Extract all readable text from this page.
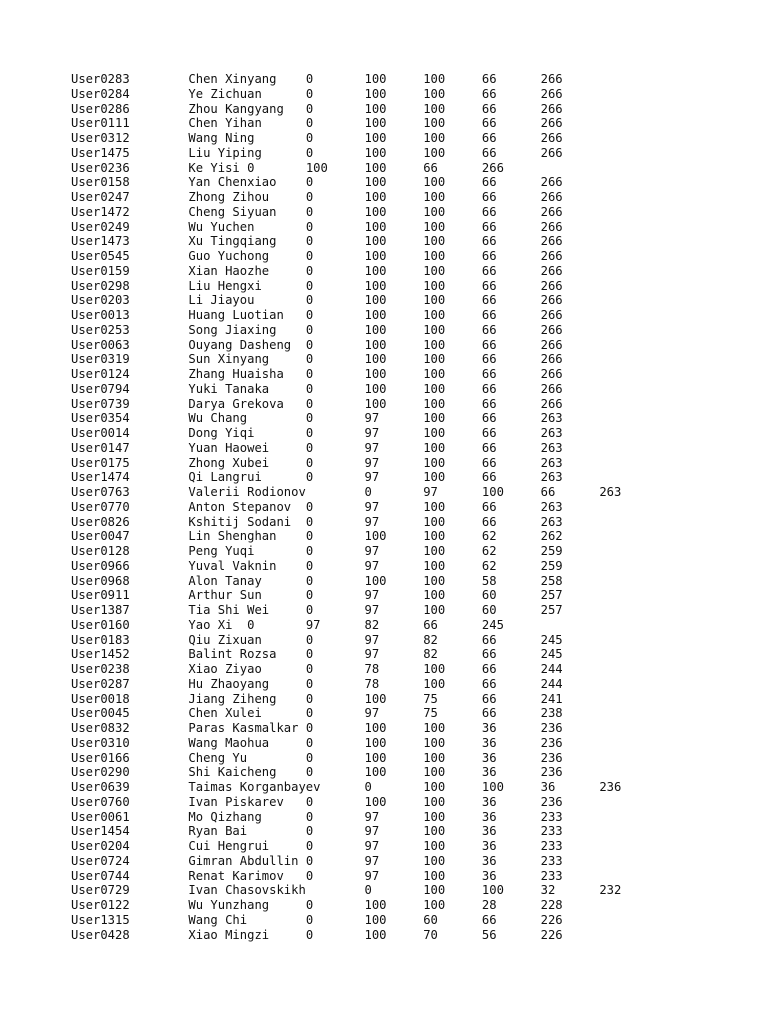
User0283	Chen Xinyang	0	100	100	66	266
User0284	Ye Zichuan	0	100	100	66	266
User0286	Zhou Kangyang	0	100	100	66	266
User0111	Chen Yihan	0	100	100	66	266
User0312	Wang Ning	0	100	100	66	266
User1475	Liu Yiping	0	100	100	66	266
User0236	Ke Yisi	0	100	100	66	266
User0158	Yan Chenxiao	0	100	100	66	266
User0247	Zhong Zihou	0	100	100	66	266
User1472	Cheng Siyuan	0	100	100	66	266
User0249	Wu Yuchen	0	100	100	66	266
User1473	Xu Tingqiang	0	100	100	66	266
User0545	Guo Yuchong	0	100	100	66	266
User0159	Xian Haozhe	0	100	100	66	266
User0298	Liu Hengxi	0	100	100	66	266
User0203	Li Jiayou	0	100	100	66	266
User0013	Huang Luotian	0	100	100	66	266
User0253	Song Jiaxing	0	100	100	66	266
User0063	Ouyang Dasheng	0	100	100	66	266
User0319	Sun Xinyang	0	100	100	66	266
User0124	Zhang Huaisha	0	100	100	66	266
User0794	Yuki Tanaka	0	100	100	66	266
User0739	Darya Grekova	0	100	100	66	266
User0354	Wu Chang	0	97	100	66	263
User0014	Dong Yiqi	0	97	100	66	263
User0147	Yuan Haowei	0	97	100	66	263
User0175	Zhong Xubei	0	97	100	66	263
User1474	Qi Langrui	0	97	100	66	263
User0763	Valerii Rodionov	0	97	100	66	263
User0770	Anton Stepanov	0	97	100	66	263
User0826	Kshitij Sodani	0	97	100	66	263
User0047	Lin Shenghan	0	100	100	62	262
User0128	Peng Yuqi	0	97	100	62	259
User0966	Yuval Vaknin	0	97	100	62	259
User0968	Alon Tanay	0	100	100	58	258
User0911	Arthur Sun	0	97	100	60	257
User1387	Tia Shi Wei	0	97	100	60	257
User0160	Yao Xi	0	97	82	66	245
User0183	Qiu Zixuan	0	97	82	66	245
User1452	Balint Rozsa	0	97	82	66	245
User0238	Xiao Ziyao	0	78	100	66	244
User0287	Hu Zhaoyang	0	78	100	66	244
User0018	Jiang Ziheng	0	100	75	66	241
User0045	Chen Xulei	0	97	75	66	238
User0832	Paras Kasmalkar	0	100	100	36	236
User0310	Wang Maohua	0	100	100	36	236
User0166	Cheng Yu	0	100	100	36	236
User0290	Shi Kaicheng	0	100	100	36	236
User0639	Taimas Korganbayev	0	100	100	36	236
User0760	Ivan Piskarev	0	100	100	36	236
User0061	Mo Qizhang	0	97	100	36	233
User1454	Ryan Bai	0	97	100	36	233
User0204	Cui Hengrui	0	97	100	36	233
User0724	Gimran Abdullin	0	97	100	36	233
User0744	Renat Karimov	0	97	100	36	233
User0729	Ivan Chasovskikh	0	100	100	32	232
User0122	Wu Yunzhang	0	100	100	28	228
User1315	Wang Chi	0	100	60	66	226
User0428	Xiao Mingzi	0	100	70	56	226
